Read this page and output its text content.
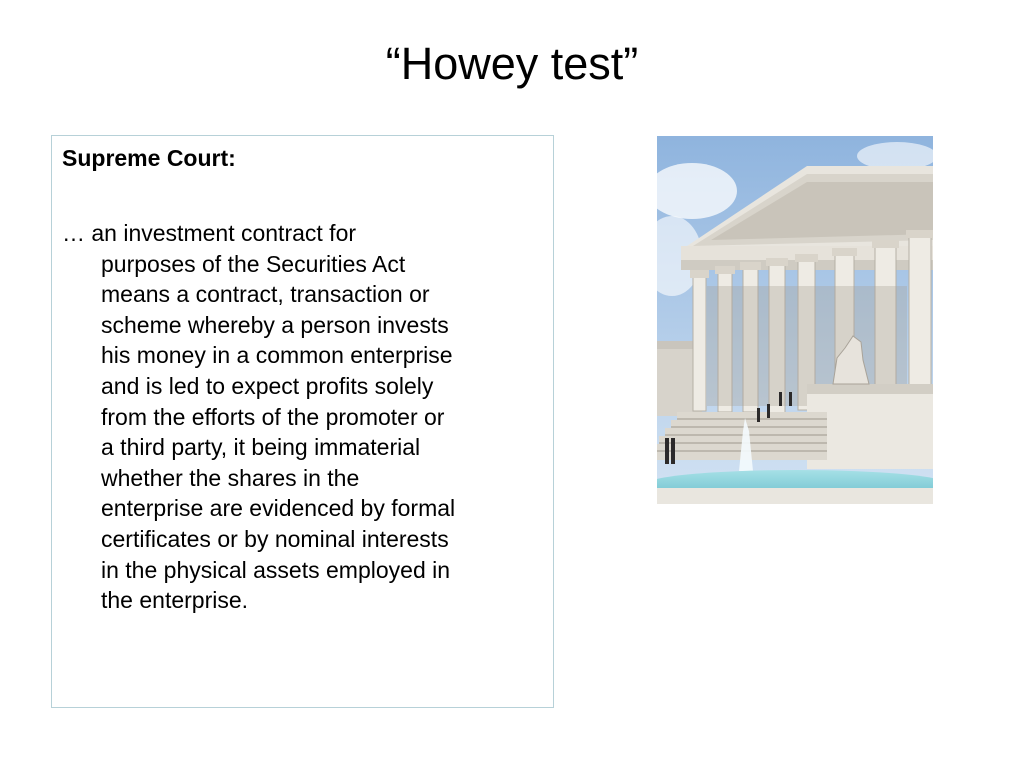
“Howey test”
Supreme Court:
… an investment contract for
purposes of the Securities Act
means a contract, transaction or
scheme whereby a person invests
his money in a common enterprise
and is led to expect profits solely
from the efforts of the promoter or
a third party, it being immaterial
whether the shares in the
enterprise are evidenced by formal
certificates or by nominal interests
in the physical assets employed in
the enterprise.
